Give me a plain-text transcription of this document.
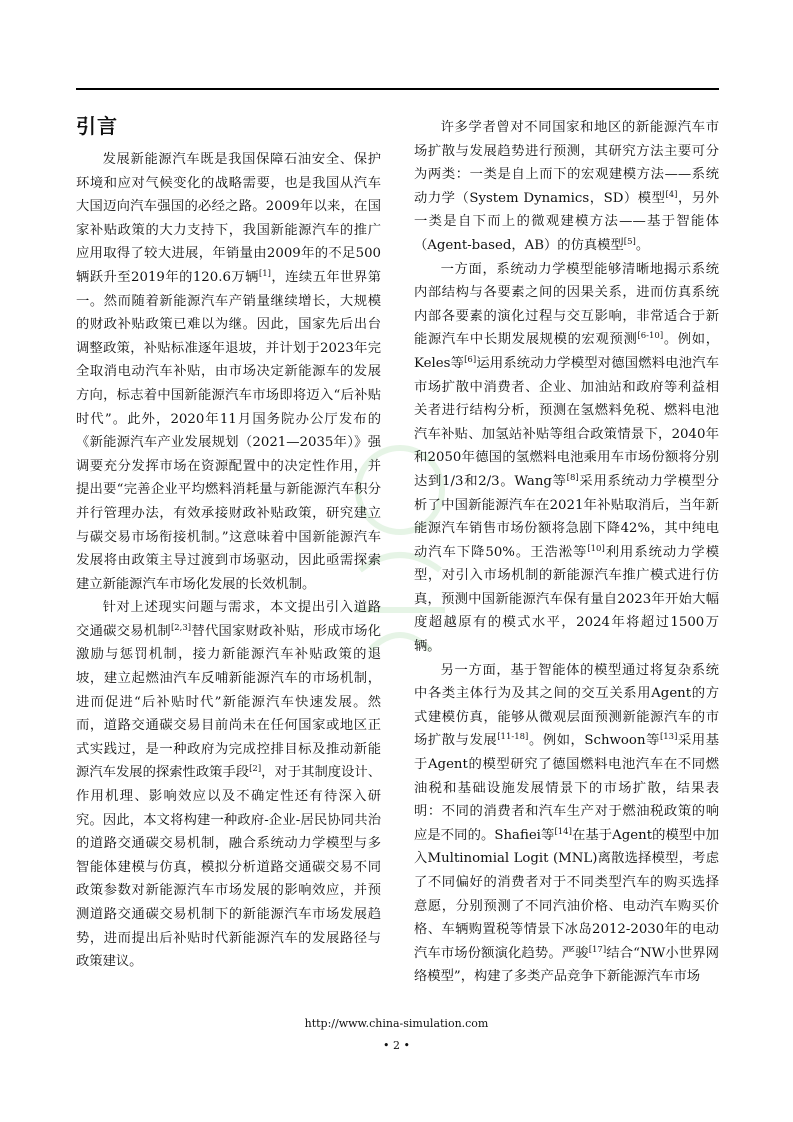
引言

发展新能源汽车既是我国保障石油安全、保护环境和应对气候变化的战略需要，也是我国从汽车大国迈向汽车强国的必经之路。2009年以来，在国家补贴政策的大力支持下，我国新能源汽车的推广应用取得了较大进展，年销量由2009年的不足500辆跃升至2019年的120.6万辆[1]，连续五年世界第一。然而随着新能源汽车产销量继续增长，大规模的财政补贴政策已难以为继。因此，国家先后出台调整政策，补贴标准逐年退坡，并计划于2023年完全取消电动汽车补贴，由市场决定新能源车的发展方向，标志着中国新能源汽车市场即将迈入“后补贴时代”。此外，2020年11月国务院办公厅发布的《新能源汽车产业发展规划（2021—2035年）》强调要充分发挥市场在资源配置中的决定性作用，并提出要“完善企业平均燃料消耗量与新能源汽车积分并行管理办法，有效承接财政补贴政策，研究建立与碳交易市场衔接机制。”这意味着中国新能源汽车发展将由政策主导过渡到市场驱动，因此亟需探索建立新能源汽车市场化发展的长效机制。

针对上述现实问题与需求，本文提出引入道路交通碳交易机制[2,3]替代国家财政补贴，形成市场化激励与惩罚机制，接力新能源汽车补贴政策的退坡，建立起燃油汽车反哺新能源汽车的市场机制，进而促进“后补贴时代”新能源汽车快速发展。然而，道路交通碳交易目前尚未在任何国家或地区正式实践过，是一种政府为完成控排目标及推动新能源汽车发展的探索性政策手段[2]，对于其制度设计、作用机理、影响效应以及不确定性还有待深入研究。因此，本文将构建一种政府-企业-居民协同共治的道路交通碳交易机制，融合系统动力学模型与多智能体建模与仿真，模拟分析道路交通碳交易不同政策参数对新能源汽车市场发展的影响效应，并预测道路交通碳交易机制下的新能源汽车市场发展趋势，进而提出后补贴时代新能源汽车的发展路径与政策建议。

许多学者曾对不同国家和地区的新能源汽车市场扩散与发展趋势进行预测，其研究方法主要可分为两类：一类是自上而下的宏观建模方法——系统动力学（System Dynamics，SD）模型[4]，另外一类是自下而上的微观建模方法——基于智能体（Agent-based，AB）的仿真模型[5]。

一方面，系统动力学模型能够清晰地揭示系统内部结构与各要素之间的因果关系，进而仿真系统内部各要素的演化过程与交互影响，非常适合于新能源汽车中长期发展规模的宏观预测[6-10]。例如，Keles等[6]运用系统动力学模型对德国燃料电池汽车市场扩散中消费者、企业、加油站和政府等利益相关者进行结构分析，预测在氢燃料免税、燃料电池汽车补贴、加氢站补贴等组合政策情景下，2040年和2050年德国的氢燃料电池乘用车市场份额将分别达到1/3和2/3。Wang等[8]采用系统动力学模型分析了中国新能源汽车在2021年补贴取消后，当年新能源汽车销售市场份额将急剧下降42%，其中纯电动汽车下降50%。王浩淞等[10]利用系统动力学模型，对引入市场机制的新能源汽车推广模式进行仿真，预测中国新能源汽车保有量自2023年开始大幅度超越原有的模式水平，2024年将超过1500万辆。

另一方面，基于智能体的模型通过将复杂系统中各类主体行为及其之间的交互关系用Agent的方式建模仿真，能够从微观层面预测新能源汽车的市场扩散与发展[11-18]。例如，Schwoon等[13]采用基于Agent的模型研究了德国燃料电池汽车在不同燃油税和基础设施发展情景下的市场扩散，结果表明：不同的消费者和汽车生产对于燃油税政策的响应是不同的。Shafiei等[14]在基于Agent的模型中加入Multinomial Logit (MNL)离散选择模型，考虑了不同偏好的消费者对于不同类型汽车的购买选择意愿，分别预测了不同汽油价格、电动汽车购买价格、车辆购置税等情景下冰岛2012-2030年的电动汽车市场份额演化趋势。严骏[17]结合“NW小世界网络模型”，构建了多类产品竞争下新能源汽车市场

http://www.china-simulation.com
• 2 •
